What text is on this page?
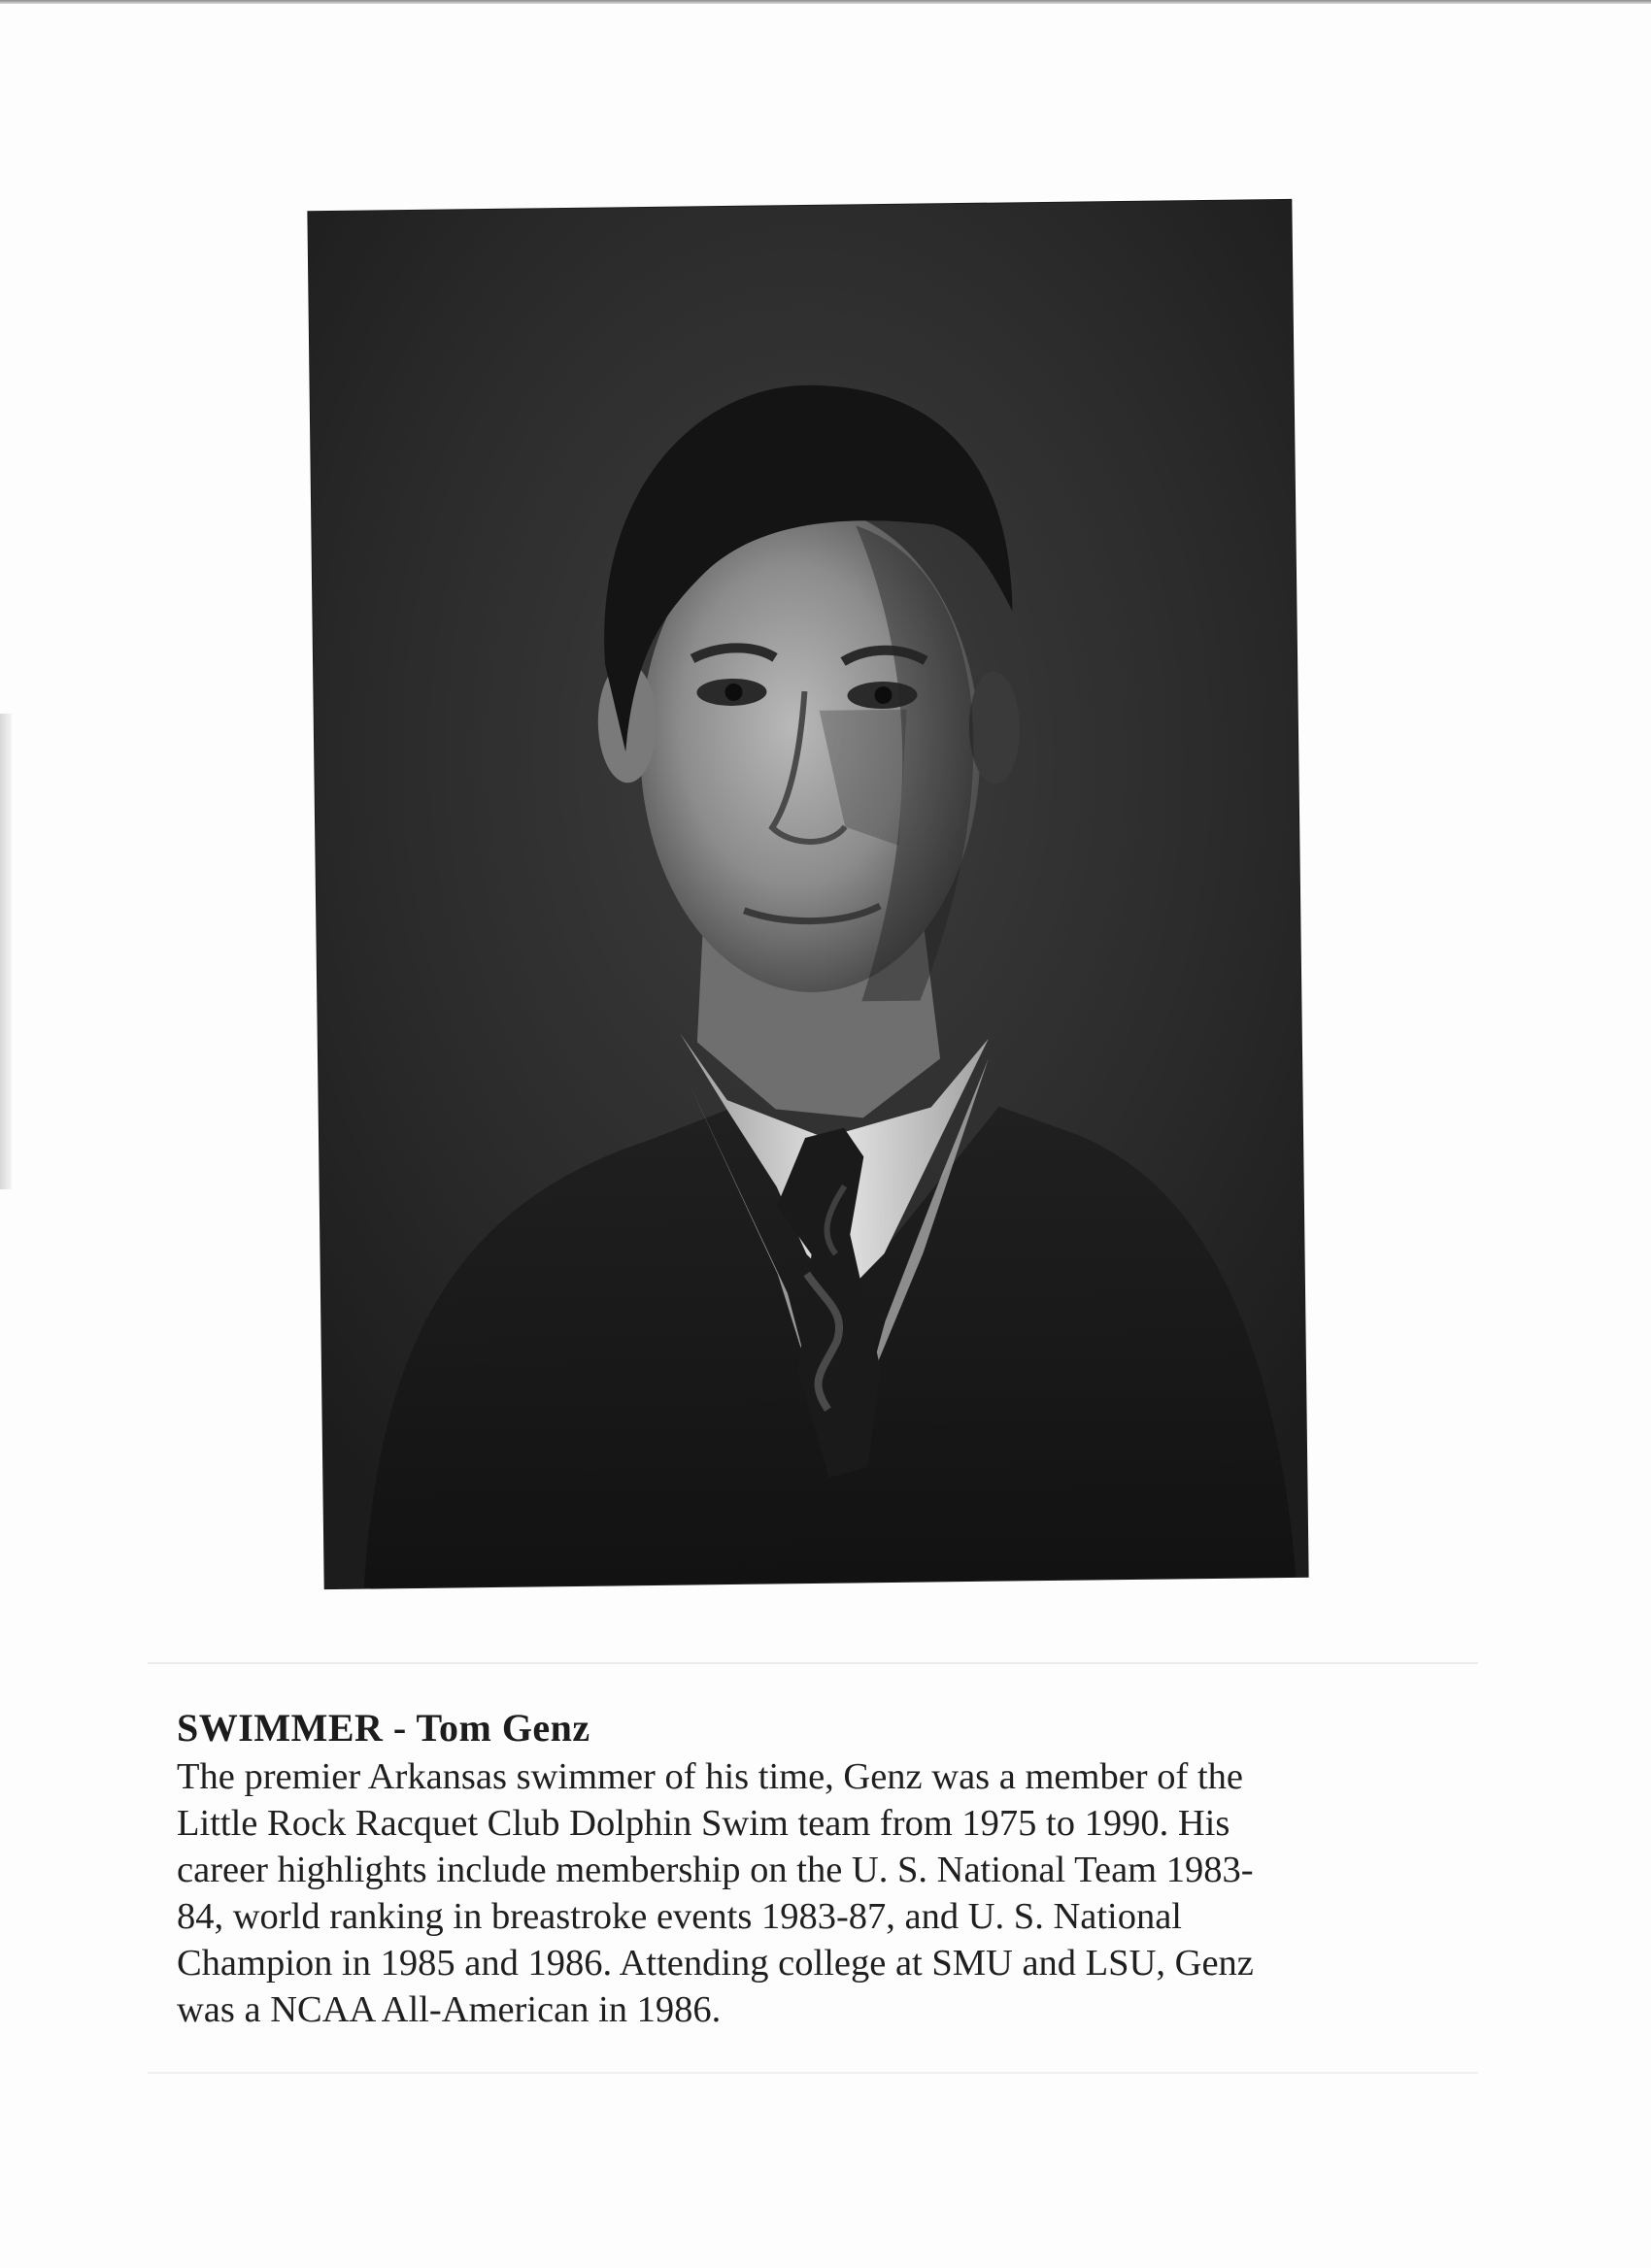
SWIMMER - Tom Genz

The premier Arkansas swimmer of his time, Genz was a member of the
Little Rock Racquet Club Dolphin Swim team from 1975 to 1990. His
career highlights include membership on the U. S. National Team 1983-
84, world ranking in breastroke events 1983-87, and U. S. National
Champion in 1985 and 1986. Attending college at SMU and LSU, Genz
was a NCAA All-American in 1986.
